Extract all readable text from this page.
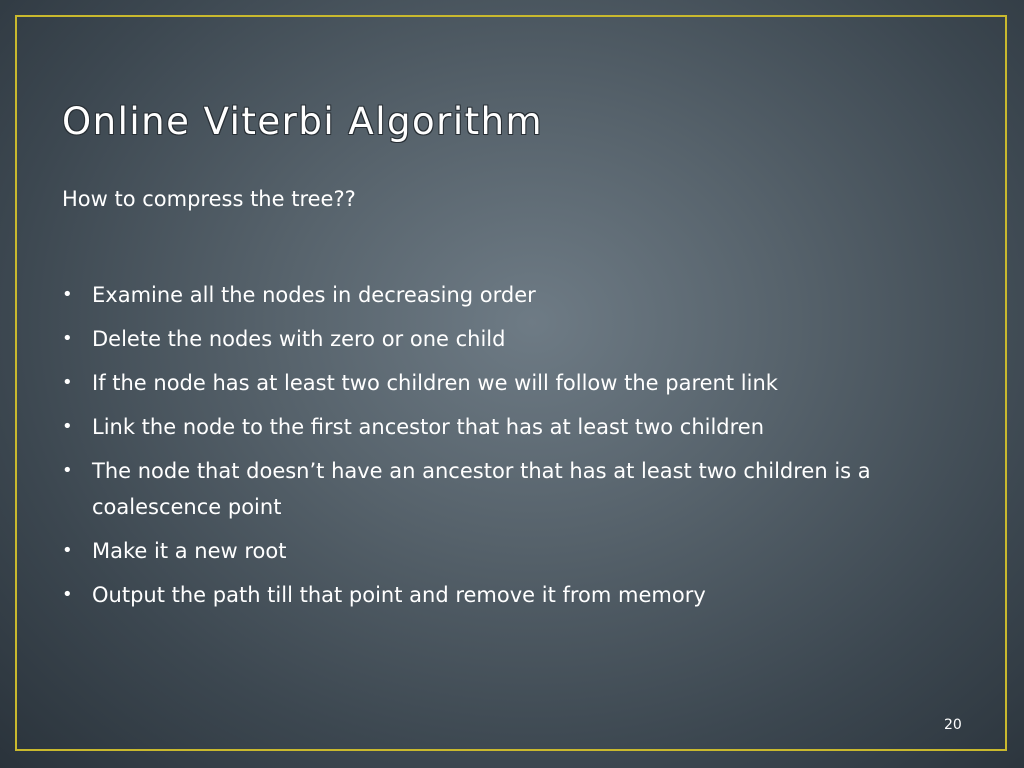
Online Viterbi Algorithm

How to compress the tree??

• Examine all the nodes in decreasing order
• Delete the nodes with zero or one child
• If the node has at least two children we will follow the parent link
• Link the node to the first ancestor that has at least two children
• The node that doesn’t have an ancestor that has at least two children is a coalescence point
• Make it a new root
• Output the path till that point and remove it from memory
20
